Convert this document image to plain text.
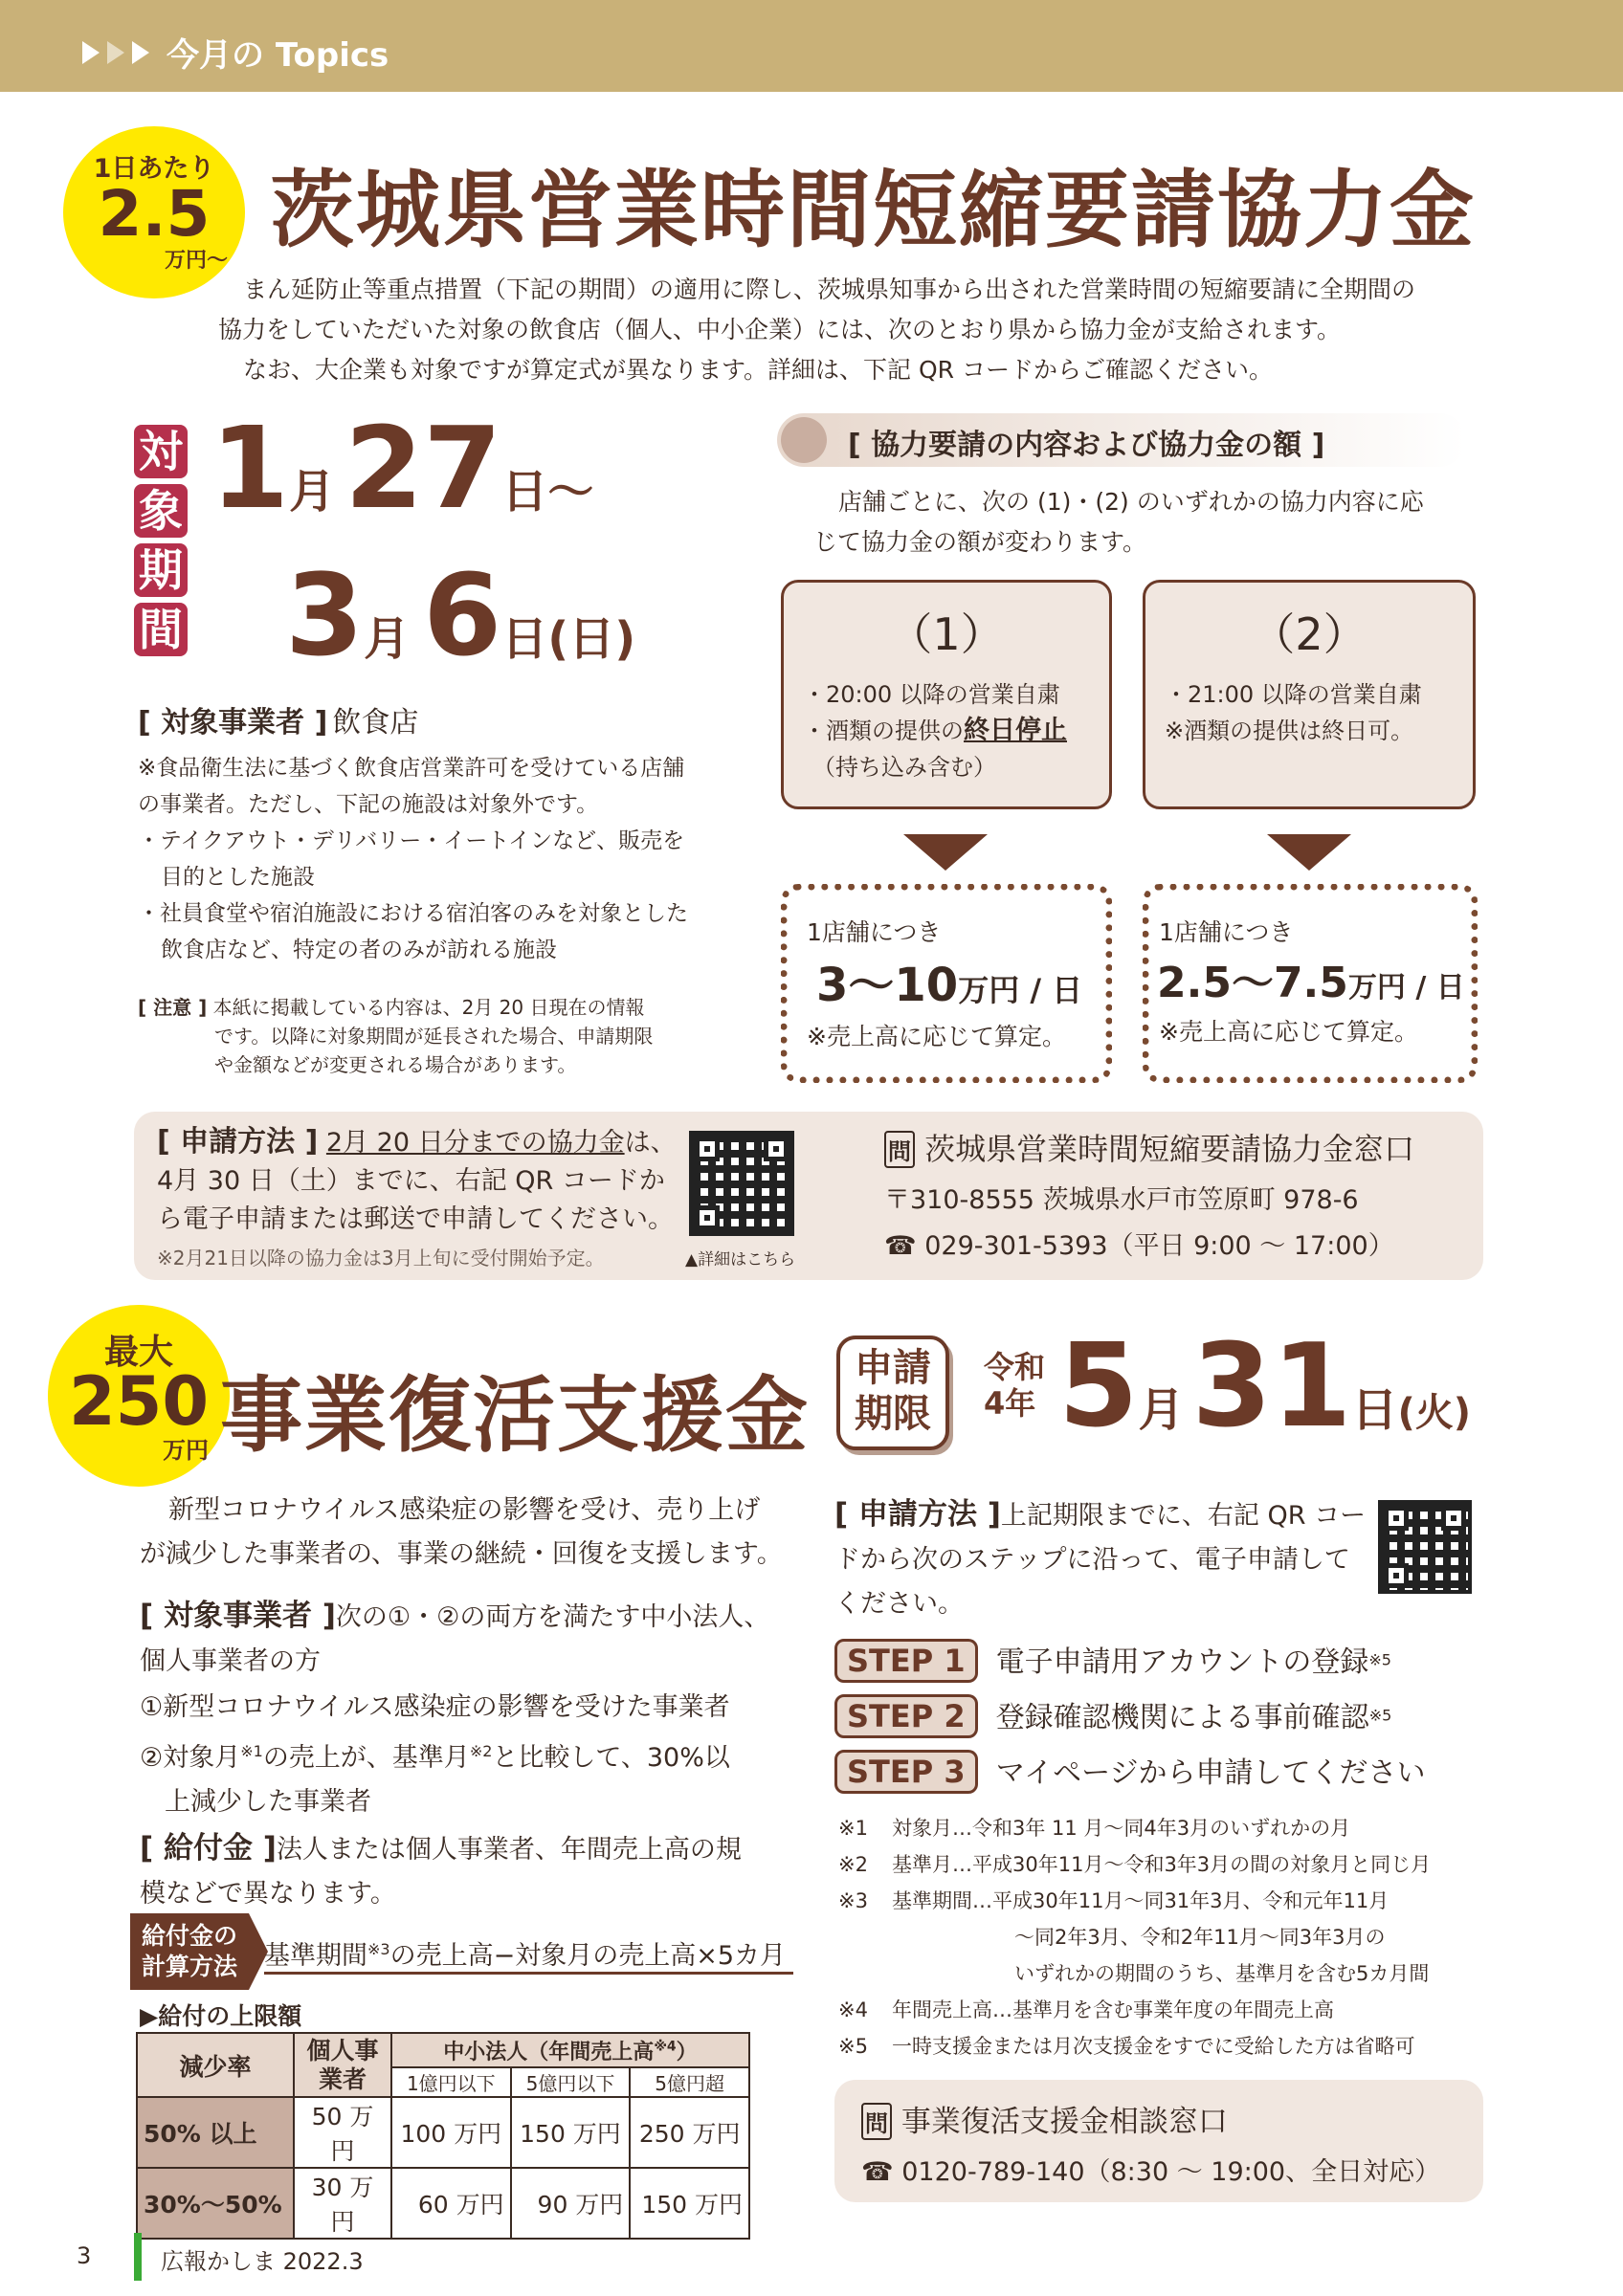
今月の Topics
1日あたり
2.5
万円〜
茨城県営業時間短縮要請協力金
まん延防止等重点措置（下記の期間）の適用に際し、茨城県知事から出された営業時間の短縮要請に全期間の
協力をしていただいた対象の飲食店（個人、中小企業）には、次のとおり県から協力金が支給されます。
なお、大企業も対象ですが算定式が異なります。詳細は、下記 QR コードからご確認ください。
対
象
期
間
1月27日〜
3月 6日(日)
[ 対象事業者 ] 飲食店
※食品衛生法に基づく飲食店営業許可を受けている店舗
の事業者。ただし、下記の施設は対象外です。
・テイクアウト・デリバリー・イートインなど、販売を
目的とした施設
・社員食堂や宿泊施設における宿泊客のみを対象とした
飲食店など、特定の者のみが訪れる施設
[ 注意 ] 本紙に掲載している内容は、2月 20 日現在の情報
です。以降に対象期間が延長された場合、申請期限
や金額などが変更される場合があります。
[ 協力要請の内容および協力金の額 ]
店舗ごとに、次の (1)・(2) のいずれかの協力内容に応
じて協力金の額が変わります。
（1）
・20:00 以降の営業自粛
・酒類の提供の終日停止
（持ち込み含む）
（2）
・21:00 以降の営業自粛
※酒類の提供は終日可。
1店舗につき
3〜10万円 / 日
※売上高に応じて算定。
1店舗につき
2.5〜7.5万円 / 日
※売上高に応じて算定。
[ 申請方法 ] 2月 20 日分までの協力金は、
4月 30 日（土）までに、右記 QR コードか
ら電子申請または郵送で申請してください。
※2月21日以降の協力金は3月上旬に受付開始予定。	▲詳細はこちら
問 茨城県営業時間短縮要請協力金窓口
〒310-8555 茨城県水戸市笠原町 978-6
☎ 029-301-5393（平日 9:00 〜 17:00）
最大
250
万円 事業復活支援金	申請
期限
令和
4年 5月31日(火)
新型コロナウイルス感染症の影響を受け、売り上げ
が減少した事業者の、事業の継続・回復を支援します。
[ 対象事業者 ]次の①・②の両方を満たす中小法人、
個人事業者の方
①新型コロナウイルス感染症の影響を受けた事業者
②対象月$^{※1}$の売上が、基準月$^{※2}$と比較して、30%以
上減少した事業者
[ 給付金 ]法人または個人事業者、年間売上高の規
模などで異なります。
給付金の
計算方法	基準期間$^{※3}$の売上高−対象月の売上高×5カ月
▶給付の上限額
減少率	個人事業者	中小法人（年間売上高$^{※4}$）		
		1億円以下	5億円以下	5億円超
50% 以上	50 万円	100 万円	150 万円	250 万円
30%〜50%	30 万円	60 万円	90 万円	150 万円
[ 申請方法 ]上記期限までに、右記 QR コー
ドから次のステップに沿って、電子申請して
ください。
STEP 1 電子申請用アカウントの登録$^{※5}$
STEP 2 登録確認機関による事前確認$^{※5}$
STEP 3 マイページから申請してください
※1 対象月…令和3年 11 月〜同4年3月のいずれかの月
※2 基準月…平成30年11月〜令和3年3月の間の対象月と同じ月
※3 基準期間…平成30年11月〜同31年3月、令和元年11月
〜同2年3月、令和2年11月〜同3年3月の
いずれかの期間のうち、基準月を含む5カ月間
※4 年間売上高…基準月を含む事業年度の年間売上高
※5 一時支援金または月次支援金をすでに受給した方は省略可
問 事業復活支援金相談窓口
☎ 0120-789-140（8:30 〜 19:00、全日対応）
3	広報かしま 2022.3
